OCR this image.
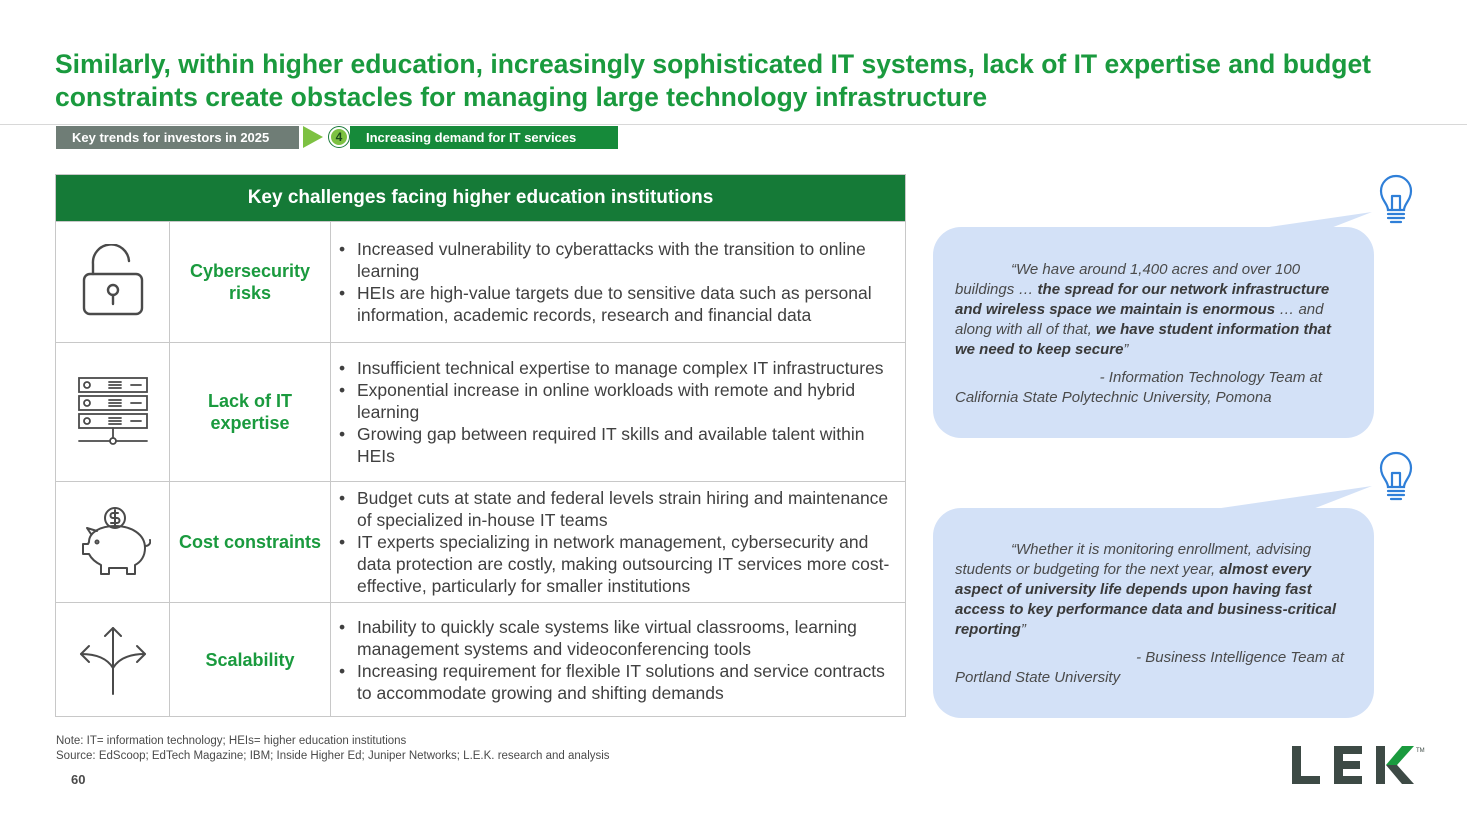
Similarly, within higher education, increasingly sophisticated IT systems, lack of IT expertise and budget constraints create obstacles for managing large technology infrastructure
Key trends for investors in 2025	4	Increasing demand for IT services
Key challenges facing higher education institutions
Cybersecurity risks
• Increased vulnerability to cyberattacks with the transition to online learning
• HEIs are high-value targets due to sensitive data such as personal information, academic records, research and financial data
Lack of IT expertise
• Insufficient technical expertise to manage complex IT infrastructures
• Exponential increase in online workloads with remote and hybrid learning
• Growing gap between required IT skills and available talent within HEIs
Cost constraints
• Budget cuts at state and federal levels strain hiring and maintenance of specialized in-house IT teams
• IT experts specializing in network management, cybersecurity and data protection are costly, making outsourcing IT services more cost-effective, particularly for smaller institutions
Scalability
• Inability to quickly scale systems like virtual classrooms, learning management systems and videoconferencing tools
• Increasing requirement for flexible IT solutions and service contracts to accommodate growing and shifting demands
“We have around 1,400 acres and over 100 buildings … the spread for our network infrastructure and wireless space we maintain is enormous … and along with all of that, we have student information that we need to keep secure”
- Information Technology Team at
California State Polytechnic University, Pomona
“Whether it is monitoring enrollment, advising students or budgeting for the next year, almost every aspect of university life depends upon having fast access to key performance data and business-critical reporting”
- Business Intelligence Team at
Portland State University
Note: IT= information technology; HEIs= higher education institutions
Source: EdScoop; EdTech Magazine; IBM; Inside Higher Ed; Juniper Networks; L.E.K. research and analysis
60
TM
